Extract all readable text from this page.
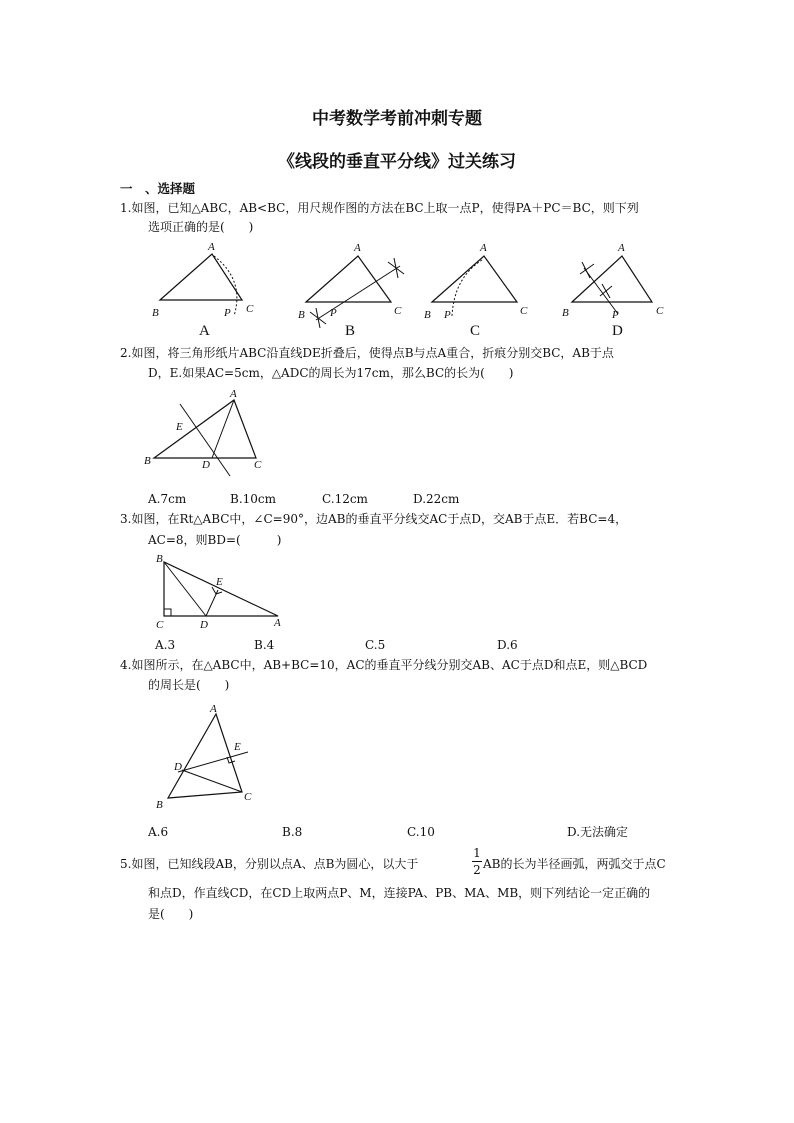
中考数学考前冲刺专题
《线段的垂直平分线》过关练习
一　、选择题
1.如图，已知△ABC，AB<BC，用尺规作图的方法在BC上取一点P，使得PA＋PC＝BC，则下列
选项正确的是(　　)
A
B	C
P
A
B	C
P
A
B	C
P
A
B	C
P
A	B	C	D
2.如图，将三角形纸片ABC沿直线DE折叠后，使得点B与点A重合，折痕分别交BC，AB于点
D，E.如果AC=5cm，△ADC的周长为17cm，那么BC的长为(　　)
A
B	C
D
E
A.7cm	B.10cm	C.12cm	D.22cm
3.如图，在Rt△ABC中，∠C=90°，边AB的垂直平分线交AC于点D，交AB于点E．若BC=4，
AC=8，则BD=(　　　)
B
C	D
E
A
A.3	B.4	C.5	D.6
4.如图所示，在△ABC中，AB+BC=10，AC的垂直平分线分别交AB、AC于点D和点E，则△BCD
的周长是(　　)
A
B
C
D
E
A.6	B.8	C.10	D.无法确定
5.如图，已知线段AB，分别以点A、点B为圆心，以大于
1
2 AB的长为半径画弧，两弧交于点C
和点D，作直线CD，在CD上取两点P、M，连接PA、PB、MA、MB，则下列结论一定正确的
是(　　)
